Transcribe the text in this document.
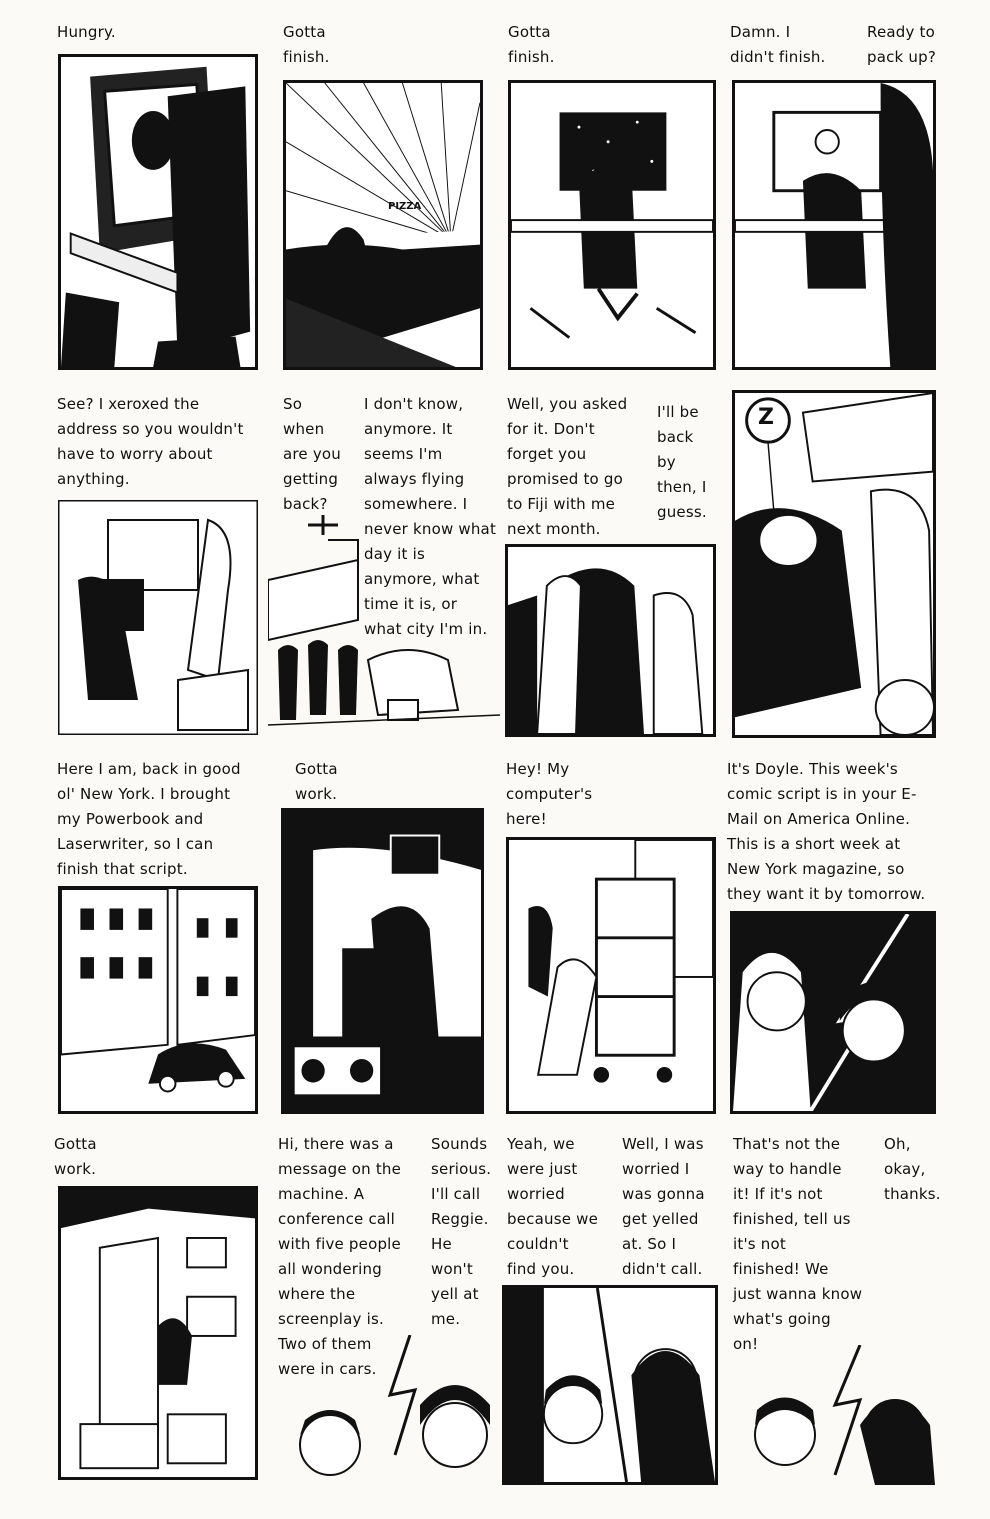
Hungry.	Gotta
finish.
PIZZA
Gotta
finish.
Damn. I
didn't finish.
Ready to
pack up?
See? I xeroxed the
address so you wouldn't
have to worry about
anything.
So
when
are you
getting
back?
I don't know,
anymore. It
seems I'm
always flying
somewhere. I
never know what
day it is
anymore, what
time it is, or
what city I'm in.
Well, you asked
for it. Don't
forget you
promised to go
to Fiji with me
next month.
I'll be
back
by
then, I
guess.
Z
Here I am, back in good
ol' New York. I brought
my Powerbook and
Laserwriter, so I can
finish that script.
Gotta
work.
Hey! My
computer's
here!
It's Doyle. This week's
comic script is in your E-
Mail on America Online.
This is a short week at
New York magazine, so
they want it by tomorrow.
Gotta
work.
Hi, there was a
message on the
machine. A
conference call
with five people
all wondering
where the
screenplay is.
Two of them
were in cars.
Sounds
serious.
I'll call
Reggie.
He
won't
yell at
me.
Yeah, we
were just
worried
because we
couldn't
find you.
Well, I was
worried I
was gonna
get yelled
at. So I
didn't call.
That's not the
way to handle
it! If it's not
finished, tell us
it's not
finished! We
just wanna know
what's going
on!
Oh,
okay,
thanks.
